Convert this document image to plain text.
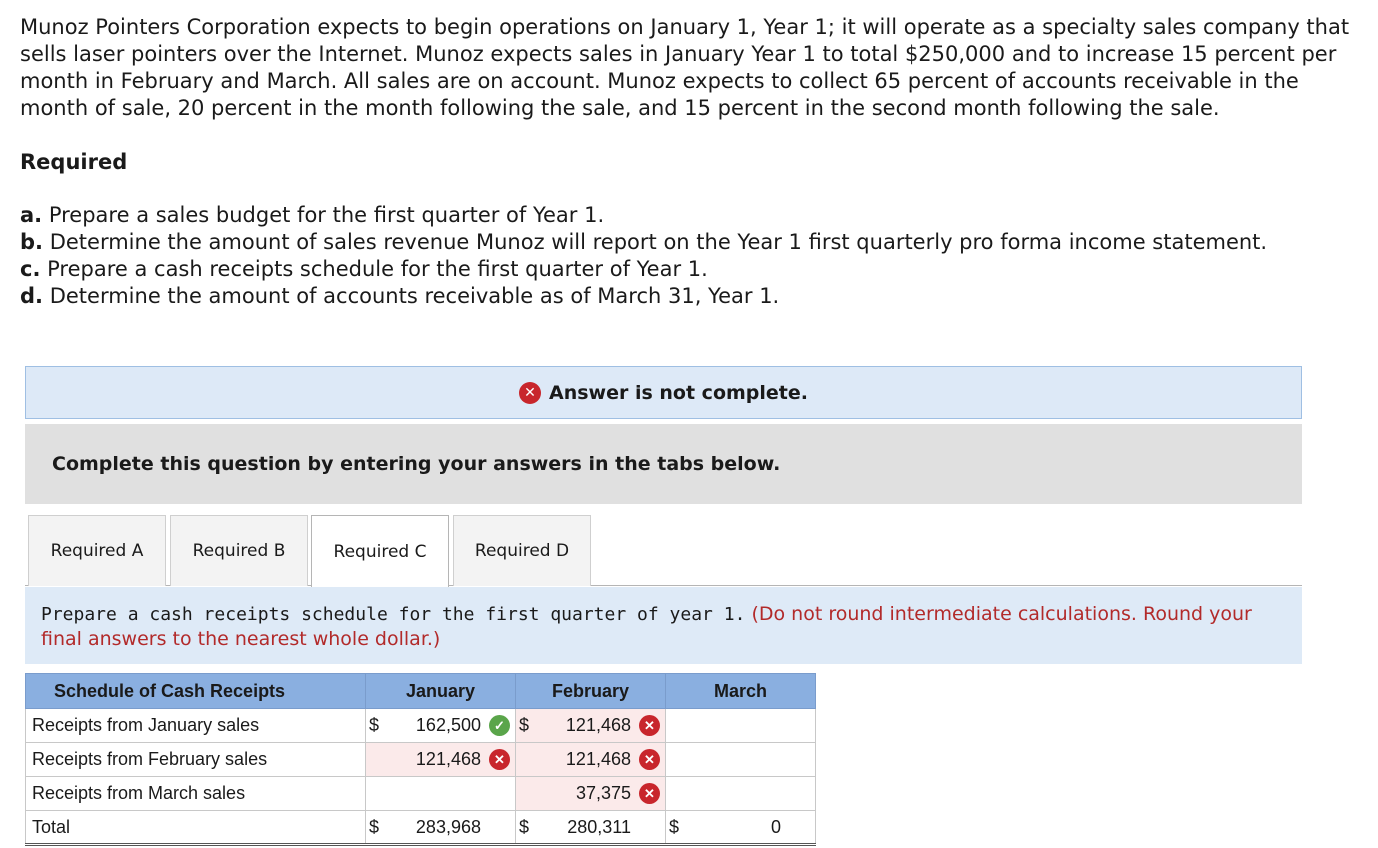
Munoz Pointers Corporation expects to begin operations on January 1, Year 1; it will operate as a specialty sales company that sells laser pointers over the Internet. Munoz expects sales in January Year 1 to total $250,000 and to increase 15 percent per month in February and March. All sales are on account. Munoz expects to collect 65 percent of accounts receivable in the month of sale, 20 percent in the month following the sale, and 15 percent in the second month following the sale.

Required
a. Prepare a sales budget for the first quarter of Year 1.
b. Determine the amount of sales revenue Munoz will report on the Year 1 first quarterly pro forma income statement.
c. Prepare a cash receipts schedule for the first quarter of Year 1.
d. Determine the amount of accounts receivable as of March 31, Year 1.
✕ Answer is not complete.
Complete this question by entering your answers in the tabs below.
Required A	Required B	Required C	Required D
Prepare a cash receipts schedule for the first quarter of year 1. (Do not round intermediate calculations. Round your final answers to the nearest whole dollar.)
Schedule of Cash Receipts	January	February	March
Receipts from January sales	$ 162,500 ✓	$ 121,468 ✕	

Receipts from February sales	121,468 ✕	121,468 ✕	

Receipts from March sales		37,375 ✕	

Total	$ 283,968	$ 280,311	$ 0
